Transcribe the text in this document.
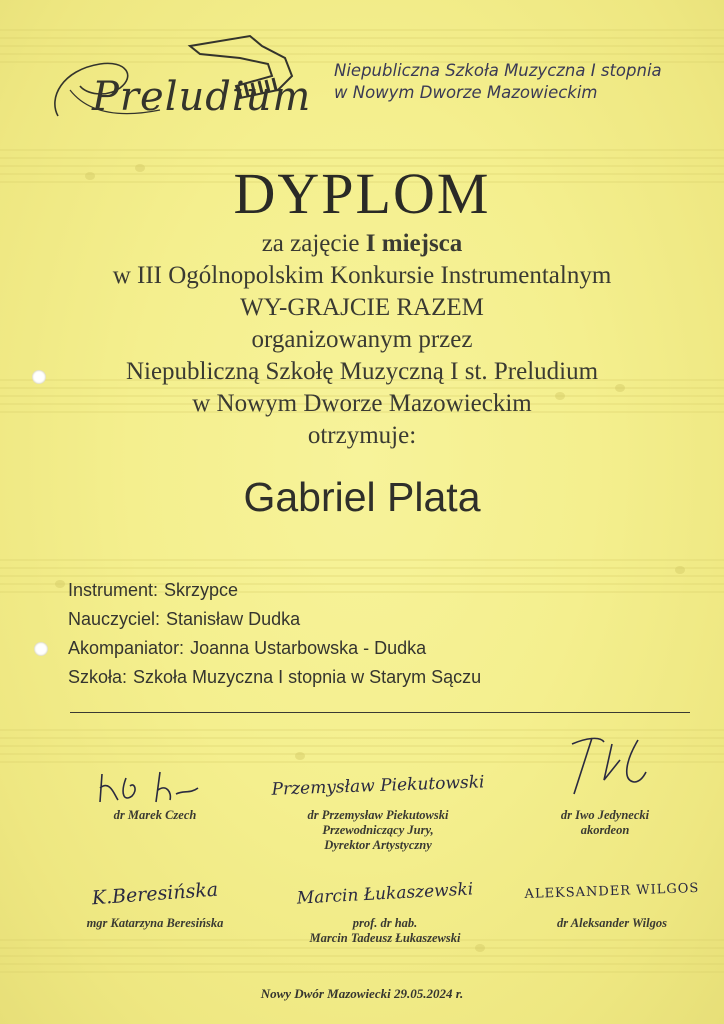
Preludium
Niepubliczna Szkoła Muzyczna I stopnia
w Nowym Dworze Mazowieckim
DYPLOM
za zajęcie I miejsca
w III Ogólnopolskim Konkursie Instrumentalnym
WY-GRAJCIE RAZEM
organizowanym przez
Niepubliczną Szkołę Muzyczną I st. Preludium
w Nowym Dworze Mazowieckim
otrzymuje:
Gabriel Plata
Instrument: Skrzypce
Nauczyciel: Stanisław Dudka
Akompaniator: Joanna Ustarbowska - Dudka
Szkoła: Szkoła Muzyczna I stopnia w Starym Sączu
dr Marek Czech
Przemysław Piekutowski
dr Przemysław Piekutowski
Przewodniczący Jury,
Dyrektor Artystyczny
dr Iwo Jedynecki
akordeon
K.Beresińska
mgr Katarzyna Beresińska
Marcin Łukaszewski
prof. dr hab.
Marcin Tadeusz Łukaszewski
ALEKSANDER WILGOS
dr Aleksander Wilgos
Nowy Dwór Mazowiecki 29.05.2024 r.
